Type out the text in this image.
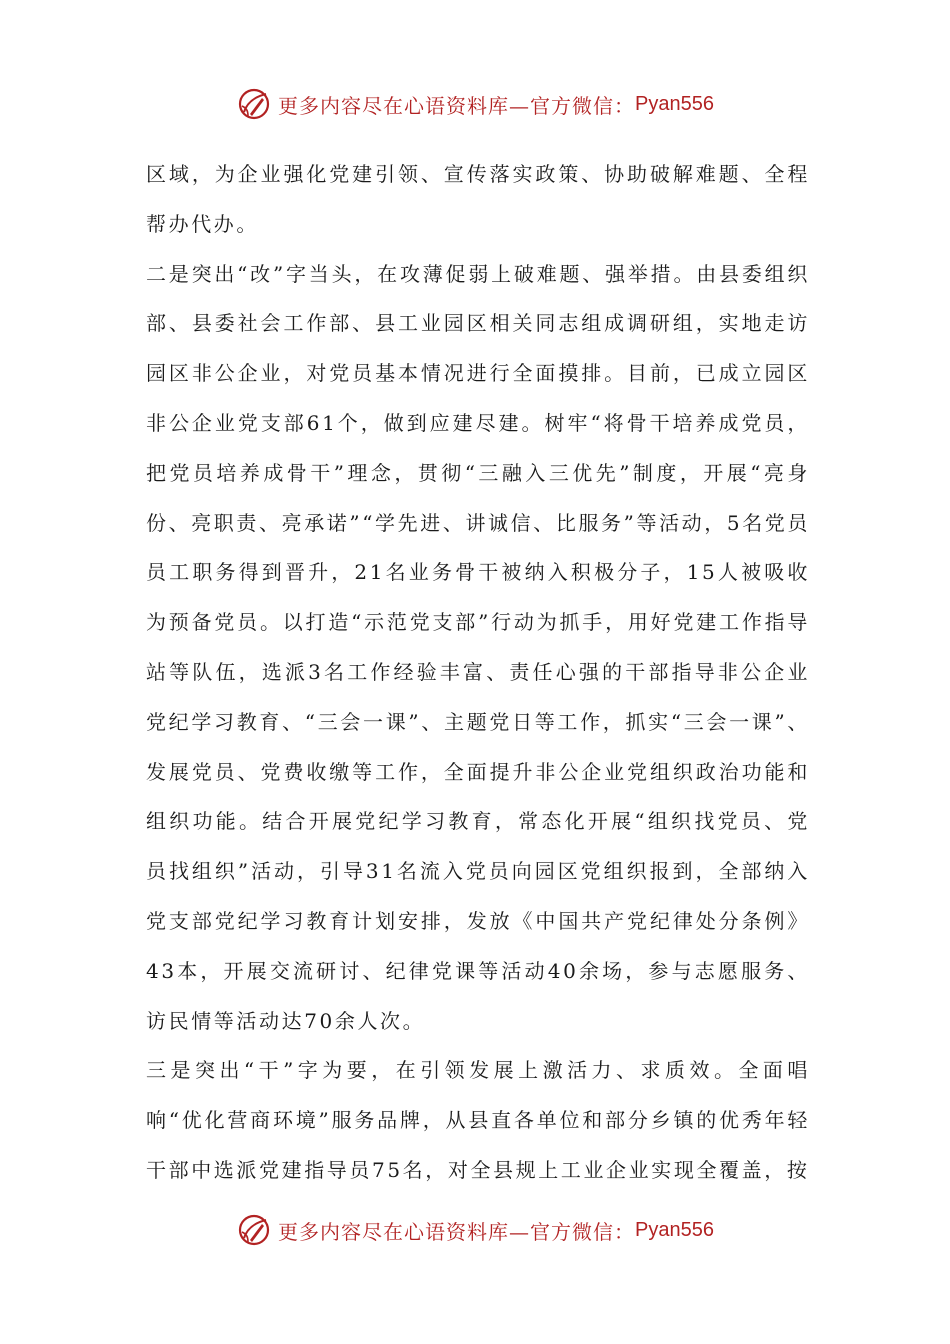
更多内容尽在心语资料库—官方微信： Pyan556

区域，为企业强化党建引领、宣传落实政策、协助破解难题、全程帮办代办。

二是突出“改”字当头，在攻薄促弱上破难题、强举措。由县委组织部、县委社会工作部、县工业园区相关同志组成调研组，实地走访园区非公企业，对党员基本情况进行全面摸排。目前，已成立园区非公企业党支部61个，做到应建尽建。树牢“将骨干培养成党员，把党员培养成骨干”理念，贯彻“三融入三优先”制度，开展“亮身份、亮职责、亮承诺”“学先进、讲诚信、比服务”等活动，5名党员员工职务得到晋升，21名业务骨干被纳入积极分子，15人被吸收为预备党员。以打造“示范党支部”行动为抓手，用好党建工作指导站等队伍，选派3名工作经验丰富、责任心强的干部指导非公企业党纪学习教育、“三会一课”、主题党日等工作，抓实“三会一课”、发展党员、党费收缴等工作，全面提升非公企业党组织政治功能和组织功能。结合开展党纪学习教育，常态化开展“组织找党员、党员找组织”活动，引导31名流入党员向园区党组织报到，全部纳入党支部党纪学习教育计划安排，发放《中国共产党纪律处分条例》43本，开展交流研讨、纪律党课等活动40余场，参与志愿服务、访民情等活动达70余人次。

三是突出“干”字为要，在引领发展上激活力、求质效。全面唱响“优化营商环境”服务品牌，从县直各单位和部分乡镇的优秀年轻干部中选派党建指导员75名，对全县规上工业企业实现全覆盖，按

更多内容尽在心语资料库—官方微信： Pyan556
